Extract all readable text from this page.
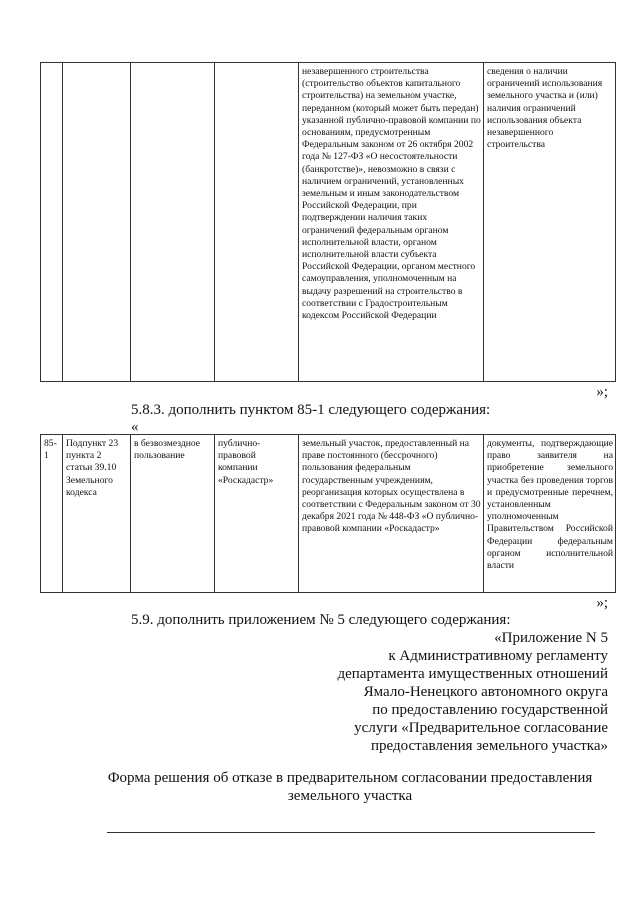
				незавершенного строительства (строительство объектов капитального строительства) на земельном участке, переданном (который может быть передан) указанной публично-правовой компании по основаниям, предусмотренным Федеральным законом от 26 октября 2002 года № 127-ФЗ «О несостоятельности (банкротстве)», невозможно в связи с наличием ограничений, установленных земельным и иным законодательством Российской Федерации, при подтверждении наличия таких ограничений федеральным органом исполнительной власти, органом исполнительной власти субъекта Российской Федерации, органом местного самоуправления, уполномоченным на выдачу разрешений на строительство в соответствии с Градостроительным кодексом Российской Федерации	сведения о наличии ограничений использования земельного участка и (или) наличия ограничений использования объекта незавершенного строительства
»;
5.8.3. дополнить пунктом 85-1 следующего содержания:
«
85-1	Подпункт 23 пункта 2 статьи 39.10 Земельного кодекса	в безвозмездное пользование	публично-правовой компании «Роскадастр»	земельный участок, предоставленный на праве постоянного (бессрочного) пользования федеральным государственным учреждениям, реорганизация которых осуществлена в соответствии с Федеральным законом от 30 декабря 2021 года № 448-ФЗ «О публично-правовой компании «Роскадастр»	документы, подтверждающие право заявителя на приобретение земельного участка без проведения торгов и предусмотренные перечнем, установленным уполномоченным Правительством Российской Федерации федеральным органом исполнительной власти
»;
5.9. дополнить приложением № 5 следующего содержания:
«Приложение N 5
к Административному регламенту
департамента имущественных отношений
Ямало-Ненецкого автономного округа
по предоставлению государственной
услуги «Предварительное согласование
предоставления земельного участка»
Форма решения об отказе в предварительном согласовании предоставления земельного участка
